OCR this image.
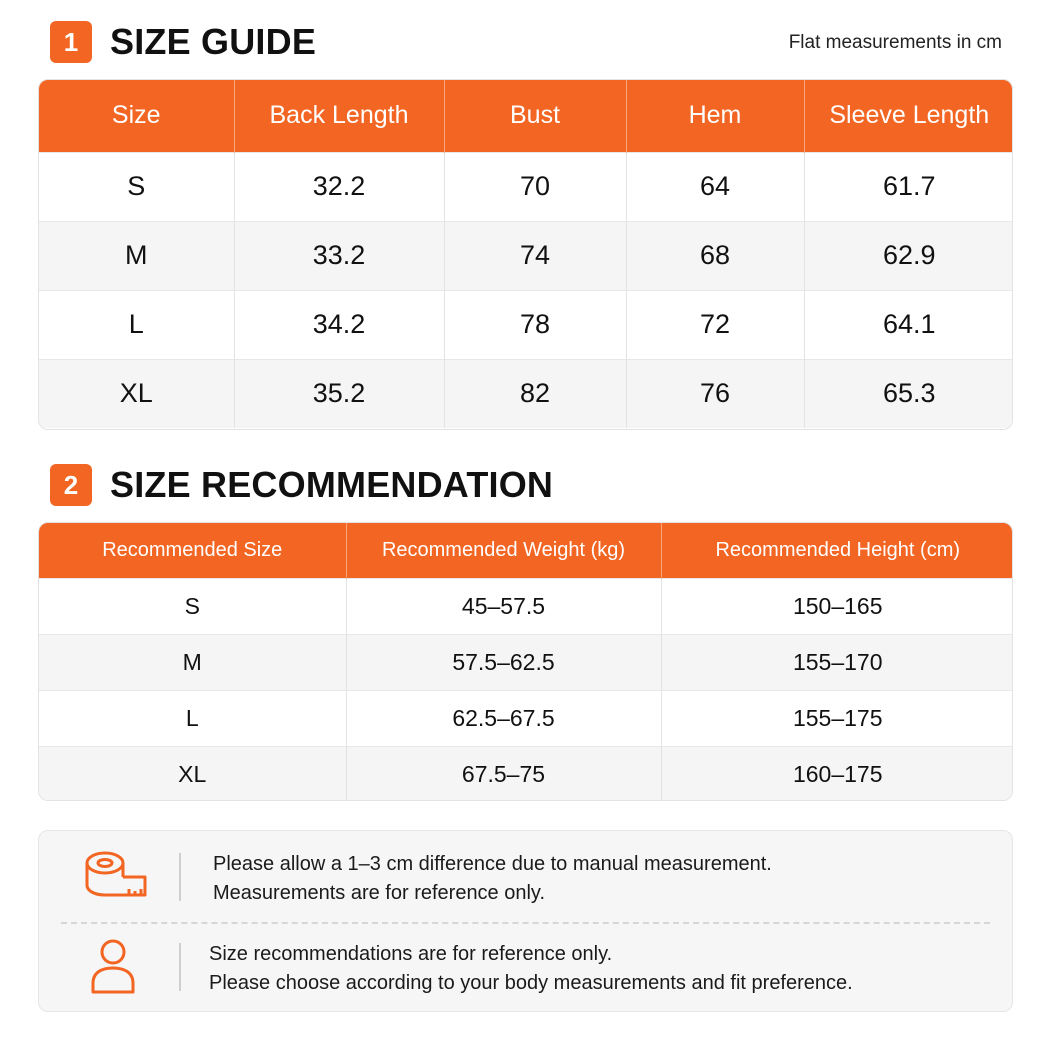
1 SIZE GUIDE	Flat measurements in cm
Size	Back Length	Bust	Hem	Sleeve Length
S	32.2	70	64	61.7
M	33.2	74	68	62.9
L	34.2	78	72	64.1
XL	35.2	82	76	65.3
2 SIZE RECOMMENDATION
Recommended Size	Recommended Weight (kg)	Recommended Height (cm)
S	45–57.5	150–165
M	57.5–62.5	155–170
L	62.5–67.5	155–175
XL	67.5–75	160–175
Please allow a 1–3 cm difference due to manual measurement.
Measurements are for reference only.
Size recommendations are for reference only.
Please choose according to your body measurements and fit preference.
